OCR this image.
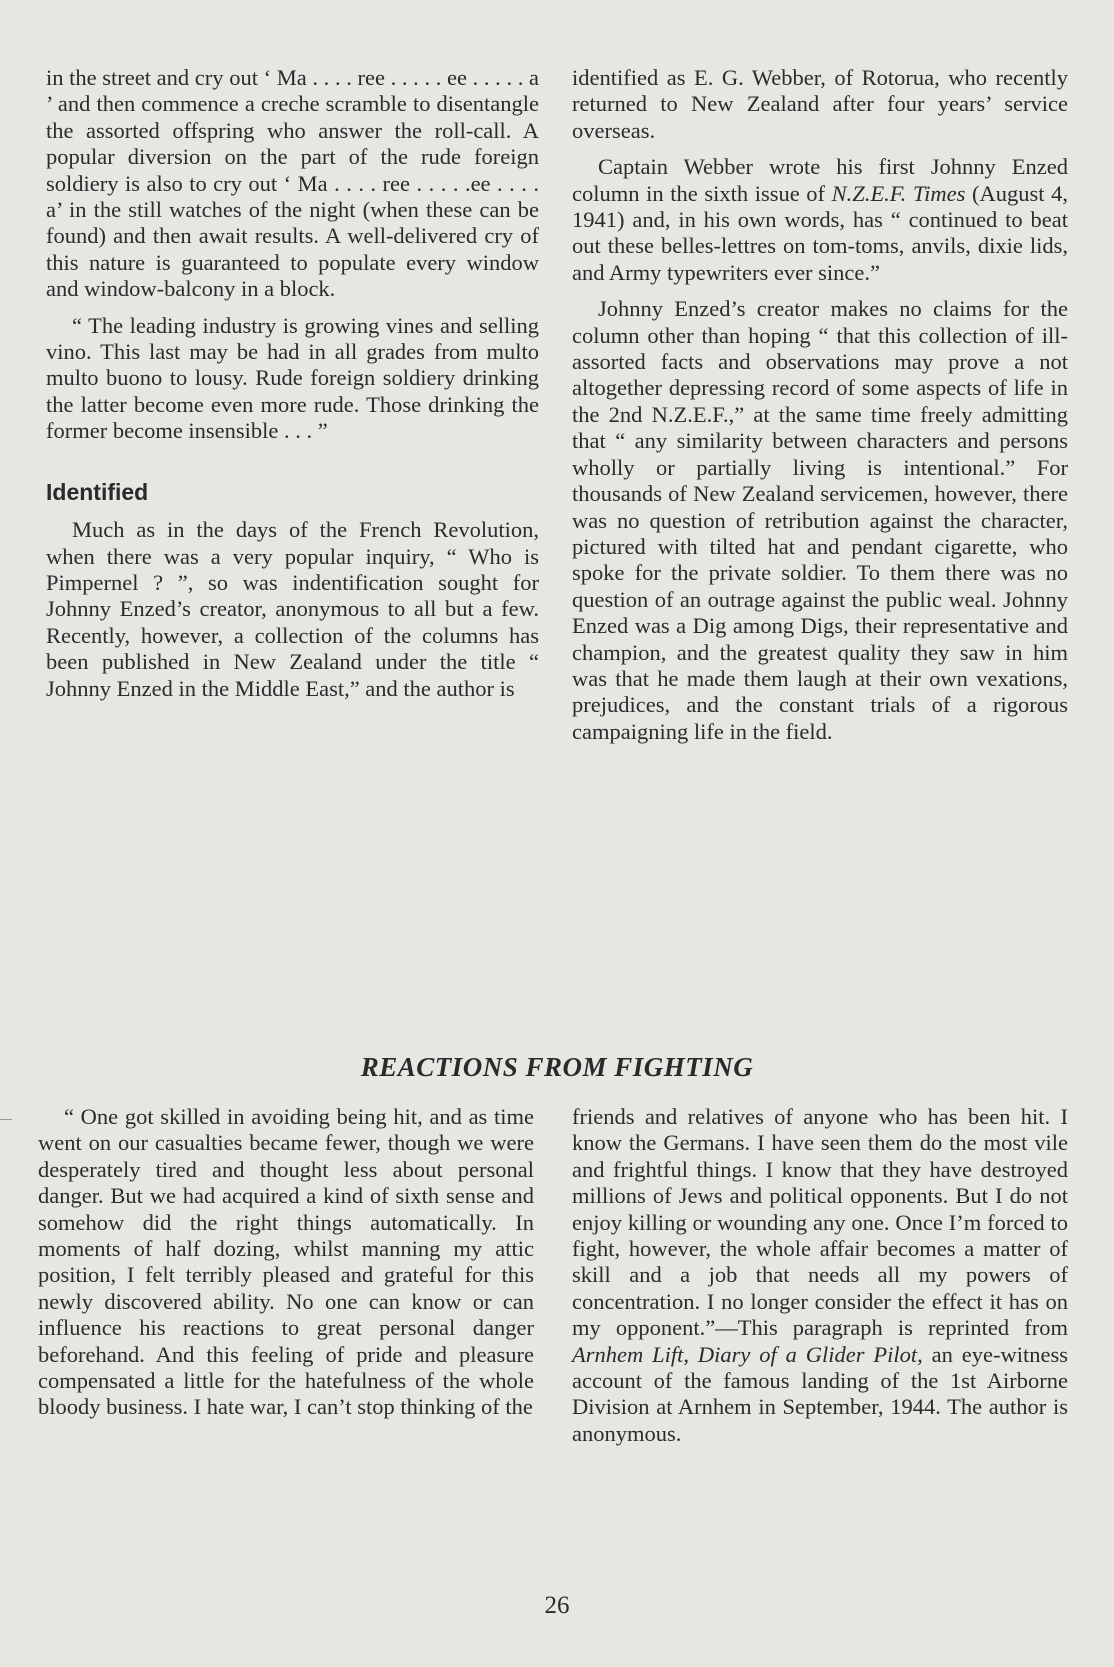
in the street and cry out ‘ Ma . . . . ree . . . . . ee . . . . . a ’ and then commence a creche scramble to disentangle the assorted offspring who answer the roll-call. A popular diversion on the part of the rude foreign soldiery is also to cry out ‘ Ma . . . . ree . . . . .ee . . . . a’ in the still watches of the night (when these can be found) and then await results. A well-delivered cry of this nature is guaranteed to populate every window and window-balcony in a block.

“ The leading industry is growing vines and selling vino. This last may be had in all grades from multo multo buono to lousy. Rude foreign soldiery drinking the latter become even more rude. Those drinking the former become insensible . . . ”

Identified

Much as in the days of the French Revolution, when there was a very popular inquiry, “ Who is Pimpernel ? ”, so was indentification sought for Johnny Enzed’s creator, anonymous to all but a few. Recently, however, a collection of the columns has been published in New Zealand under the title “ Johnny Enzed in the Middle East,” and the author is

identified as E. G. Webber, of Rotorua, who recently returned to New Zealand after four years’ service overseas.

Captain Webber wrote his first Johnny Enzed column in the sixth issue of N.Z.E.F. Times (August 4, 1941) and, in his own words, has “ continued to beat out these belles-lettres on tom-toms, anvils, dixie lids, and Army typewriters ever since.”

Johnny Enzed’s creator makes no claims for the column other than hoping “ that this collection of ill-assorted facts and observations may prove a not altogether depressing record of some aspects of life in the 2nd N.Z.E.F.,” at the same time freely admitting that “ any similarity between characters and persons wholly or partially living is intentional.” For thousands of New Zealand servicemen, however, there was no question of retribution against the character, pictured with tilted hat and pendant cigarette, who spoke for the private soldier. To them there was no question of an outrage against the public weal. Johnny Enzed was a Dig among Digs, their representative and champion, and the greatest quality they saw in him was that he made them laugh at their own vexations, prejudices, and the constant trials of a rigorous campaigning life in the field.

REACTIONS FROM FIGHTING

“ One got skilled in avoiding being hit, and as time went on our casualties became fewer, though we were desperately tired and thought less about personal danger. But we had acquired a kind of sixth sense and somehow did the right things automatically. In moments of half dozing, whilst manning my attic position, I felt terribly pleased and grateful for this newly discovered ability. No one can know or can influence his reactions to great personal danger beforehand. And this feeling of pride and pleasure compensated a little for the hatefulness of the whole bloody business. I hate war, I can’t stop thinking of the

friends and relatives of anyone who has been hit. I know the Germans. I have seen them do the most vile and frightful things. I know that they have destroyed millions of Jews and political opponents. But I do not enjoy killing or wounding any one. Once I’m forced to fight, however, the whole affair becomes a matter of skill and a job that needs all my powers of concentration. I no longer consider the effect it has on my opponent.”—This paragraph is reprinted from Arnhem Lift, Diary of a Glider Pilot, an eye-witness account of the famous landing of the 1st Airborne Division at Arnhem in September, 1944. The author is anonymous.

26
